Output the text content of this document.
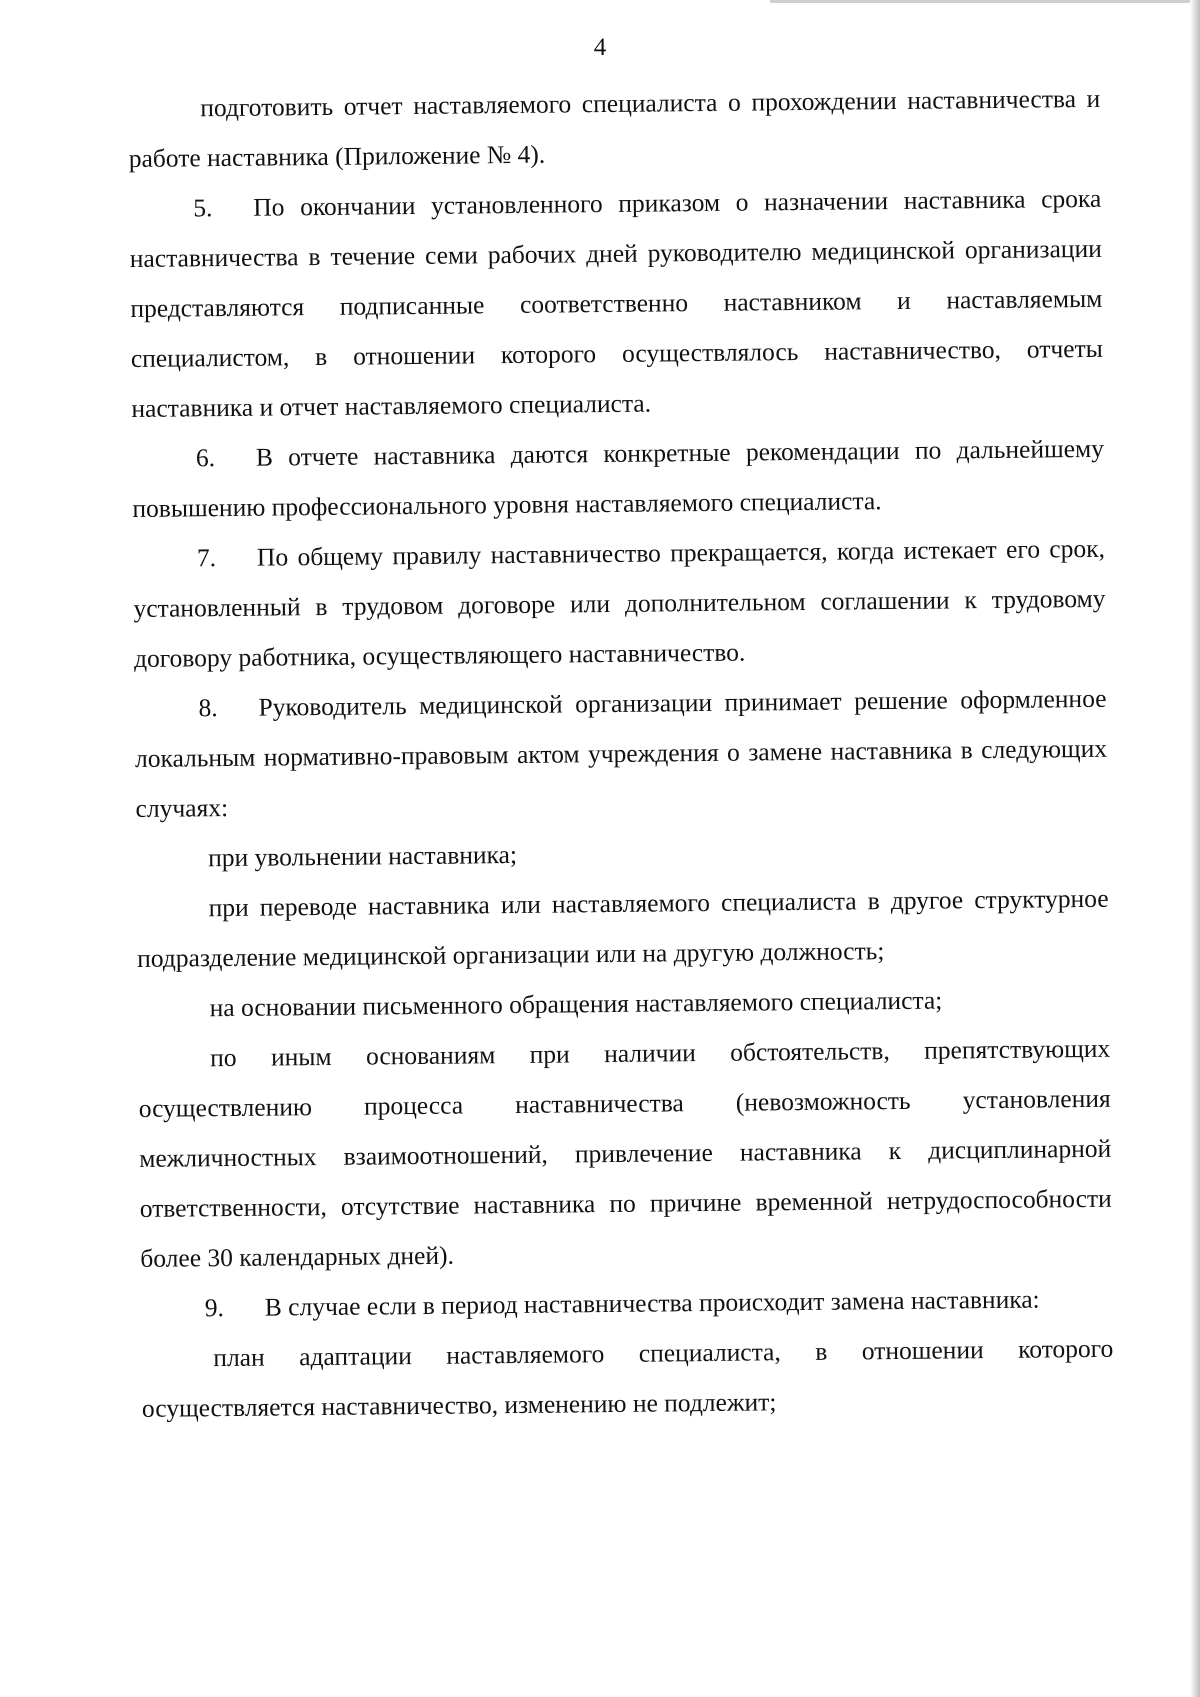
4

подготовить отчет наставляемого специалиста о прохождении наставничества и работе наставника (Приложение № 4).

5. По окончании установленного приказом о назначении наставника срока наставничества в течение семи рабочих дней руководителю медицинской организации представляются подписанные соответственно наставником и наставляемым специалистом, в отношении которого осуществлялось наставничество, отчеты наставника и отчет наставляемого специалиста.

6. В отчете наставника даются конкретные рекомендации по дальнейшему повышению профессионального уровня наставляемого специалиста.

7. По общему правилу наставничество прекращается, когда истекает его срок, установленный в трудовом договоре или дополнительном соглашении к трудовому договору работника, осуществляющего наставничество.

8. Руководитель медицинской организации принимает решение оформленное локальным нормативно-правовым актом учреждения о замене наставника в следующих случаях:

при увольнении наставника;

при переводе наставника или наставляемого специалиста в другое структурное подразделение медицинской организации или на другую должность;

на основании письменного обращения наставляемого специалиста;

по иным основаниям при наличии обстоятельств, препятствующих осуществлению процесса наставничества (невозможность установления межличностных взаимоотношений, привлечение наставника к дисциплинарной ответственности, отсутствие наставника по причине временной нетрудоспособности более 30 календарных дней).

9. В случае если в период наставничества происходит замена наставника:

план адаптации наставляемого специалиста, в отношении которого осуществляется наставничество, изменению не подлежит;
